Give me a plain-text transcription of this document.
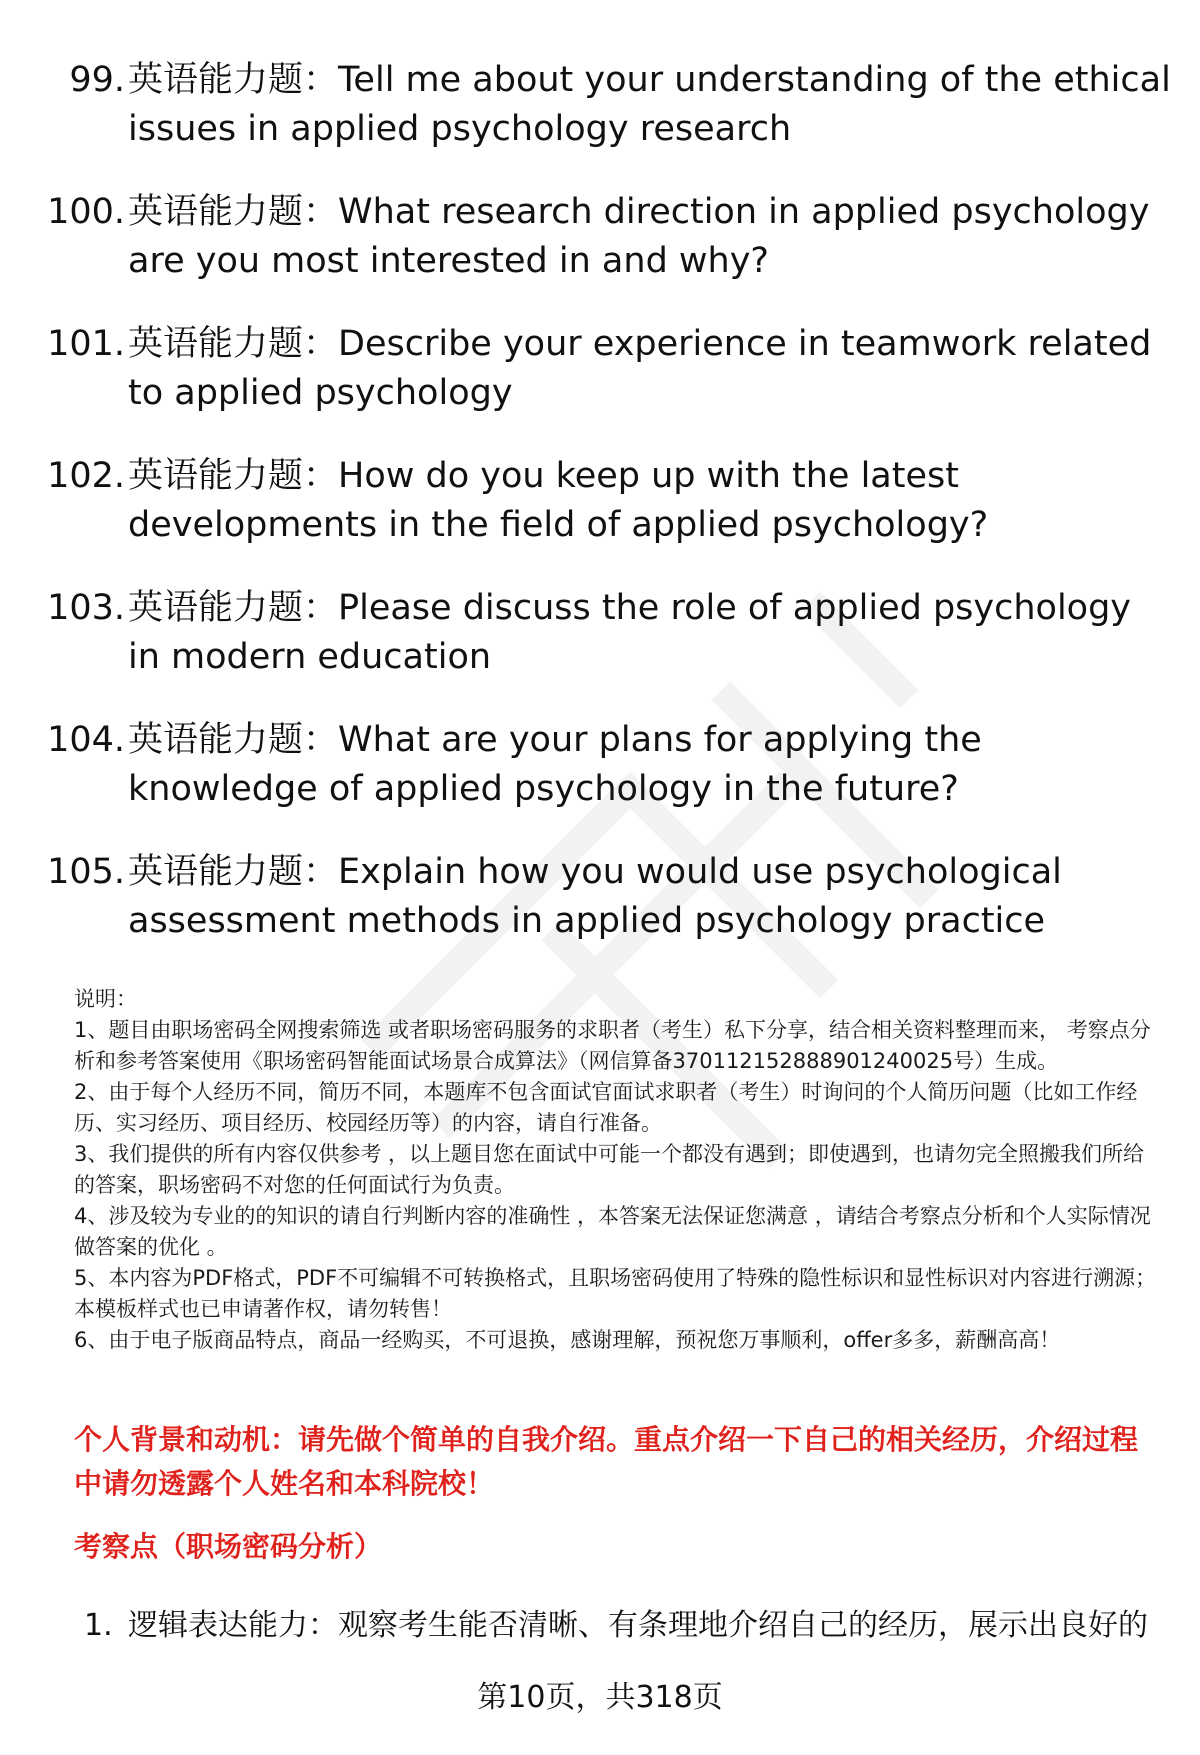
99. 英语能力题：Tell me about your understanding of the ethical issues in applied psychology research
100. 英语能力题：What research direction in applied psychology are you most interested in and why?
101. 英语能力题：Describe your experience in teamwork related to applied psychology
102. 英语能力题：How do you keep up with the latest developments in the field of applied psychology?
103. 英语能力题：Please discuss the role of applied psychology in modern education
104. 英语能力题：What are your plans for applying the knowledge of applied psychology in the future?
105. 英语能力题：Explain how you would use psychological assessment methods in applied psychology practice

说明：

1、题目由职场密码全网搜索筛选 或者职场密码服务的求职者（考生）私下分享，结合相关资料整理而来， 考察点分析和参考答案使用《职场密码智能面试场景合成算法》（网信算备370112152888901240025号）生成。

2、由于每个人经历不同，简历不同，本题库不包含面试官面试求职者（考生）时询问的个人简历问题（比如工作经历、实习经历、项目经历、校园经历等）的内容，请自行准备。

3、我们提供的所有内容仅供参考 ，以上题目您在面试中可能一个都没有遇到；即使遇到，也请勿完全照搬我们所给的答案，职场密码不对您的任何面试行为负责。

4、涉及较为专业的的知识的请自行判断内容的准确性 ，本答案无法保证您满意 ，请结合考察点分析和个人实际情况做答案的优化 。

5、本内容为PDF格式，PDF不可编辑不可转换格式，且职场密码使用了特殊的隐性标识和显性标识对内容进行溯源；本模板样式也已申请著作权，请勿转售！

6、由于电子版商品特点，商品一经购买，不可退换，感谢理解，预祝您万事顺利，offer多多，薪酬高高！

个人背景和动机：请先做个简单的自我介绍。重点介绍一下自己的相关经历，介绍过程中请勿透露个人姓名和本科院校！
考察点（职场密码分析）
1. 逻辑表达能力：观察考生能否清晰、有条理地介绍自己的经历，展示出良好的
第10页，共318页
